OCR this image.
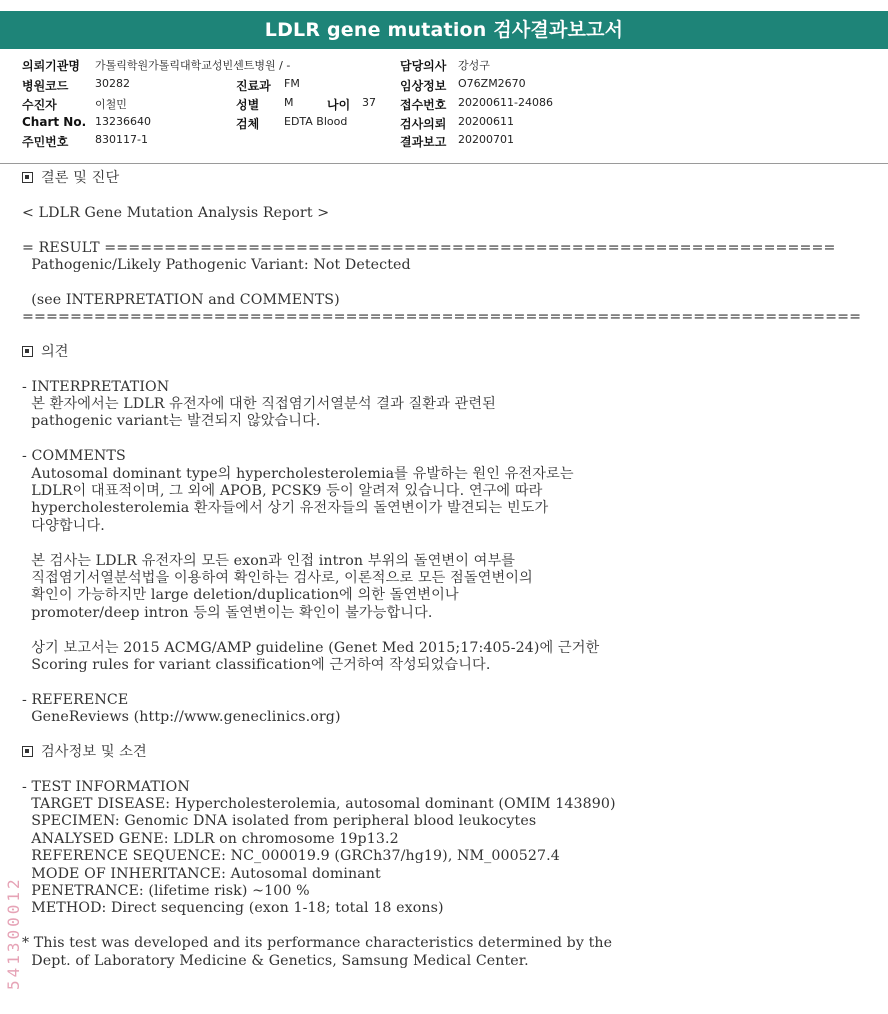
LDLR gene mutation 검사결과보고서
의뢰기관명 가톨릭학원가톨릭대학교성빈센트병원 / -
병원코드 30282
수진자	이철민
Chart No. 13236640
주민번호 830117-1
진료과 FM
성별 M	나이 37
검체 EDTA Blood
담당의사 강성구
임상정보 O76ZM2670
접수번호 20200611-24086
검사의뢰 20200611
결과보고 20200701
결론 및 진단
< LDLR Gene Mutation Analysis Report >
= RESULT =============================================================
Pathogenic/Likely Pathogenic Variant: Not Detected
(see INTERPRETATION and COMMENTS)
======================================================================
의견
- INTERPRETATION
본 환자에서는 LDLR 유전자에 대한 직접염기서열분석 결과 질환과 관련된
pathogenic variant는 발견되지 않았습니다.
- COMMENTS
Autosomal dominant type의 hypercholesterolemia를 유발하는 원인 유전자로는
LDLR이 대표적이며, 그 외에 APOB, PCSK9 등이 알려져 있습니다. 연구에 따라
hypercholesterolemia 환자들에서 상기 유전자들의 돌연변이가 발견되는 빈도가
다양합니다.
본 검사는 LDLR 유전자의 모든 exon과 인접 intron 부위의 돌연변이 여부를
직접염기서열분석법을 이용하여 확인하는 검사로, 이론적으로 모든 점돌연변이의
확인이 가능하지만 large deletion/duplication에 의한 돌연변이나
promoter/deep intron 등의 돌연변이는 확인이 불가능합니다.
상기 보고서는 2015 ACMG/AMP guideline (Genet Med 2015;17:405-24)에 근거한
Scoring rules for variant classification에 근거하여 작성되었습니다.
- REFERENCE
GeneReviews (http://www.geneclinics.org)
검사정보 및 소견
- TEST INFORMATION
TARGET DISEASE: Hypercholesterolemia, autosomal dominant (OMIM 143890)
SPECIMEN: Genomic DNA isolated from peripheral blood leukocytes
ANALYSED GENE: LDLR on chromosome 19p13.2
REFERENCE SEQUENCE: NC_000019.9 (GRCh37/hg19), NM_000527.4
MODE OF INHERITANCE: Autosomal dominant
PENETRANCE: (lifetime risk) ~100 %
METHOD: Direct sequencing (exon 1-18; total 18 exons)
* This test was developed and its performance characteristics determined by the
Dept. of Laboratory Medicine & Genetics, Samsung Medical Center.
541300012
